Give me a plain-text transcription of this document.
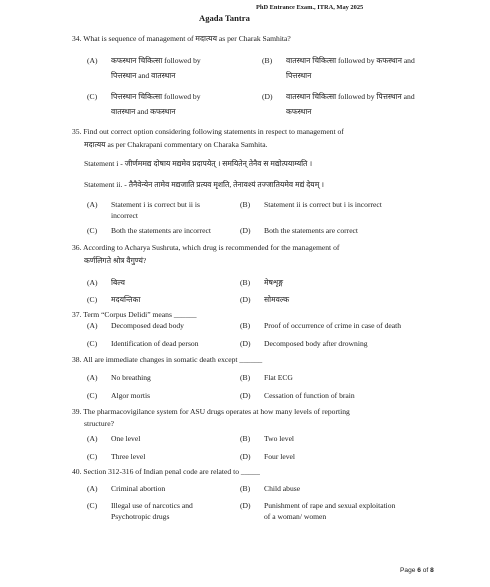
PhD Entrance Exam., ITRA, May 2025
Agada Tantra
34. What is sequence of management of मदात्यय as per Charak Samhita?
(A) कफस्थान चिकित्सा followed by
पित्तस्थान and वातस्थान
(B) वातस्थान चिकित्सा followed by कफस्थान and
पित्तस्थान
(C) पित्तस्थान चिकित्सा followed by
वातस्थान and कफस्थान
(D) वातस्थान चिकित्सा followed by पित्तस्थान and
कफस्थान
35. Find out correct option considering following statements in respect to management of
मदात्यय as per Chakrapani commentary on Charaka Samhita.
Statement i - जीर्णममद्य दोषाय मद्यमेव प्रदापयेत् । समयितेन् तेनैव स मद्योत्पयाम्यति ।
Statement ii. - तैनैवेन्येन तामेव मद्यजाति प्रत्यव मृशति, तेनावश्यं तज्जातियमेव मद्यं देयम् ।
(A) Statement i is correct but ii is
incorrect
(B) Statement ii is correct but i is incorrect
(C) Both the statements are incorrect	(D) Both the statements are correct
36. According to Acharya Sushruta, which drug is recommended for the management of
कर्णलिगते श्रोत्र वैगुण्यं?
(A) बिल्व	(B) मेषशृङ्ग
(C) मदयन्तिका	(D) सोमवल्क
37. Term “Corpus Delidi” means ______
(A) Decomposed dead body	(B) Proof of occurrence of crime in case of death
(C) Identification of dead person	(D) Decomposed body after drowning
38. All are immediate changes in somatic death except ______
(A) No breathing	(B) Flat ECG
(C) Algor mortis	(D) Cessation of function of brain
39. The pharmacovigilance system for ASU drugs operates at how many levels of reporting
structure?
(A) One level	(B) Two level
(C) Three level	(D) Four level
40. Section 312-316 of Indian penal code are related to _____
(A) Criminal abortion	(B) Child abuse
(C) Illegal use of narcotics and
Psychotropic drugs
(D) Punishment of rape and sexual exploitation
of a woman/ women
Page 6 of 8
